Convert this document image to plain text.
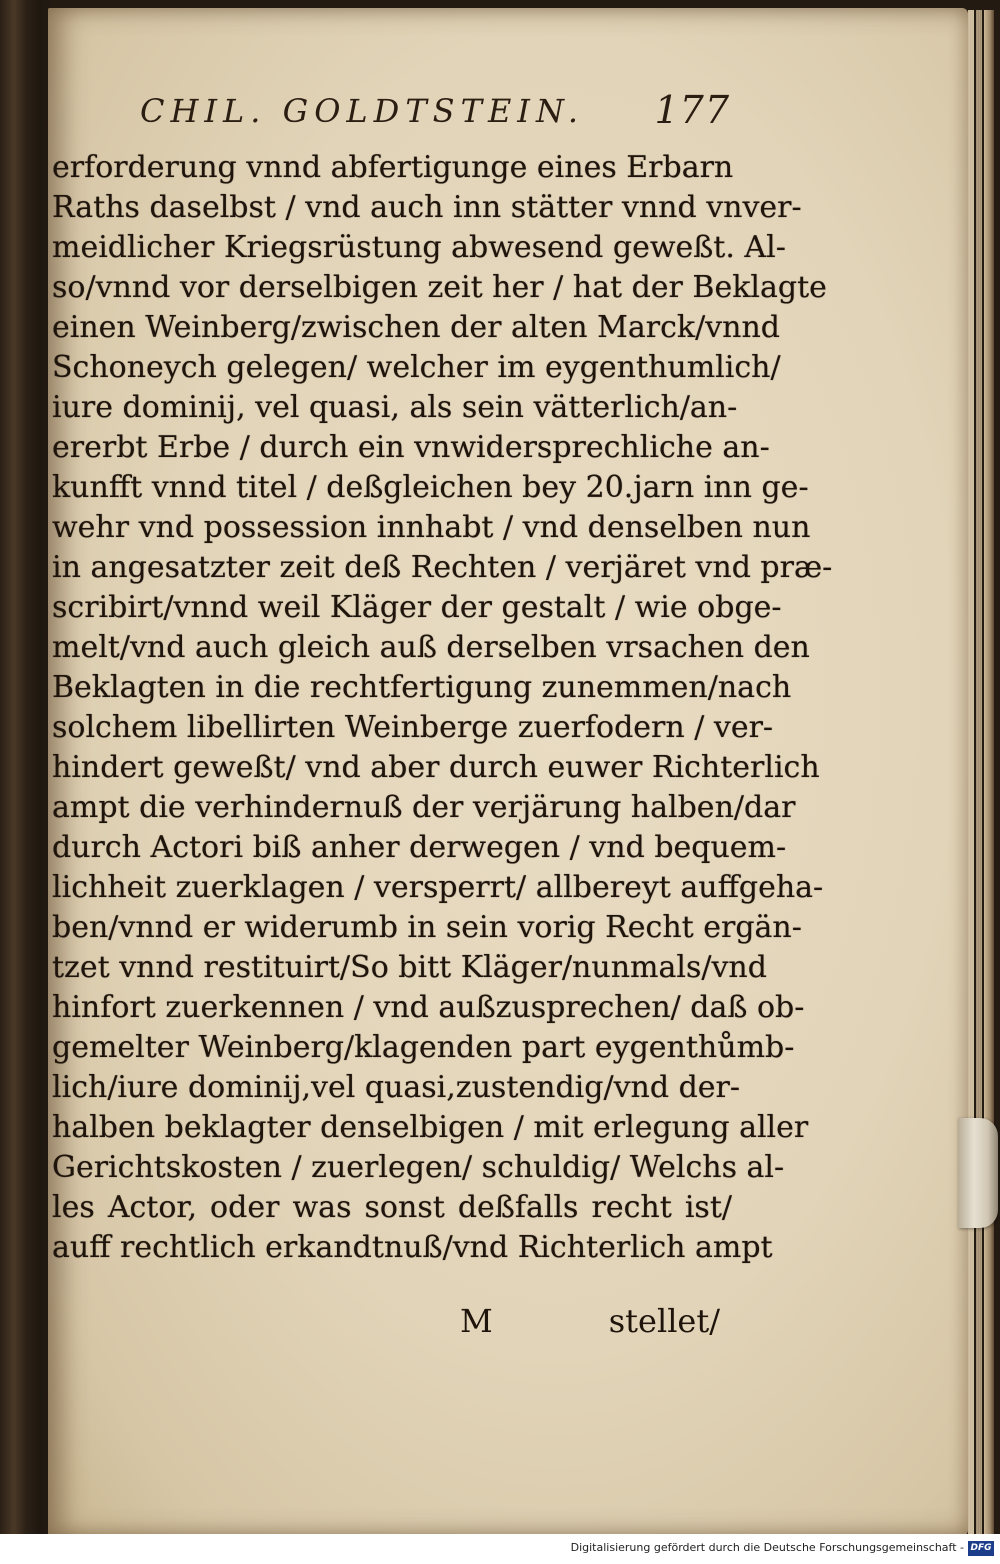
CHIL. GOLDTSTEIN. 177
erforderung vnnd abfertigunge eines Erbarn
Raths daselbst / vnd auch inn stätter vnnd vnver-
meidlicher Kriegsrüstung abwesend geweßt. Al-
so/vnnd vor derselbigen zeit her / hat der Beklagte
einen Weinberg/zwischen der alten Marck/vnnd
Schoneych gelegen/ welcher im eygenthumlich/
iure dominij, vel quasi, als sein vätterlich/an-
ererbt Erbe / durch ein vnwidersprechliche an-
kunfft vnnd titel / deßgleichen bey 20.jarn inn ge-
wehr vnd possession innhabt / vnd denselben nun
in angesatzter zeit deß Rechten / verjäret vnd præ-
scribirt/vnnd weil Kläger der gestalt / wie obge-
melt/vnd auch gleich auß derselben vrsachen den
Beklagten in die rechtfertigung zunemmen/nach
solchem libellirten Weinberge zuerfodern / ver-
hindert geweßt/ vnd aber durch euwer Richterlich
ampt die verhindernuß der verjärung halben/dar
durch Actori biß anher derwegen / vnd bequem-
lichheit zuerklagen / versperrt/ allbereyt auffgeha-
ben/vnnd er widerumb in sein vorig Recht ergän-
tzet vnnd restituirt/So bitt Kläger/nunmals/vnd
hinfort zuerkennen / vnd außzusprechen/ daß ob-
gemelter Weinberg/klagenden part eygenthůmb-
lich/iure dominij,vel quasi,zustendig/vnd der-
halben beklagter denselbigen / mit erlegung aller
Gerichtskosten / zuerlegen/ schuldig/ Welchs al-
les Actor, oder was sonst deßfalls recht ist/
auff rechtlich erkandtnuß/vnd Richterlich ampt
M	stellet/
Digitalisierung gefördert durch die Deutsche Forschungsgemeinschaft - DFG
